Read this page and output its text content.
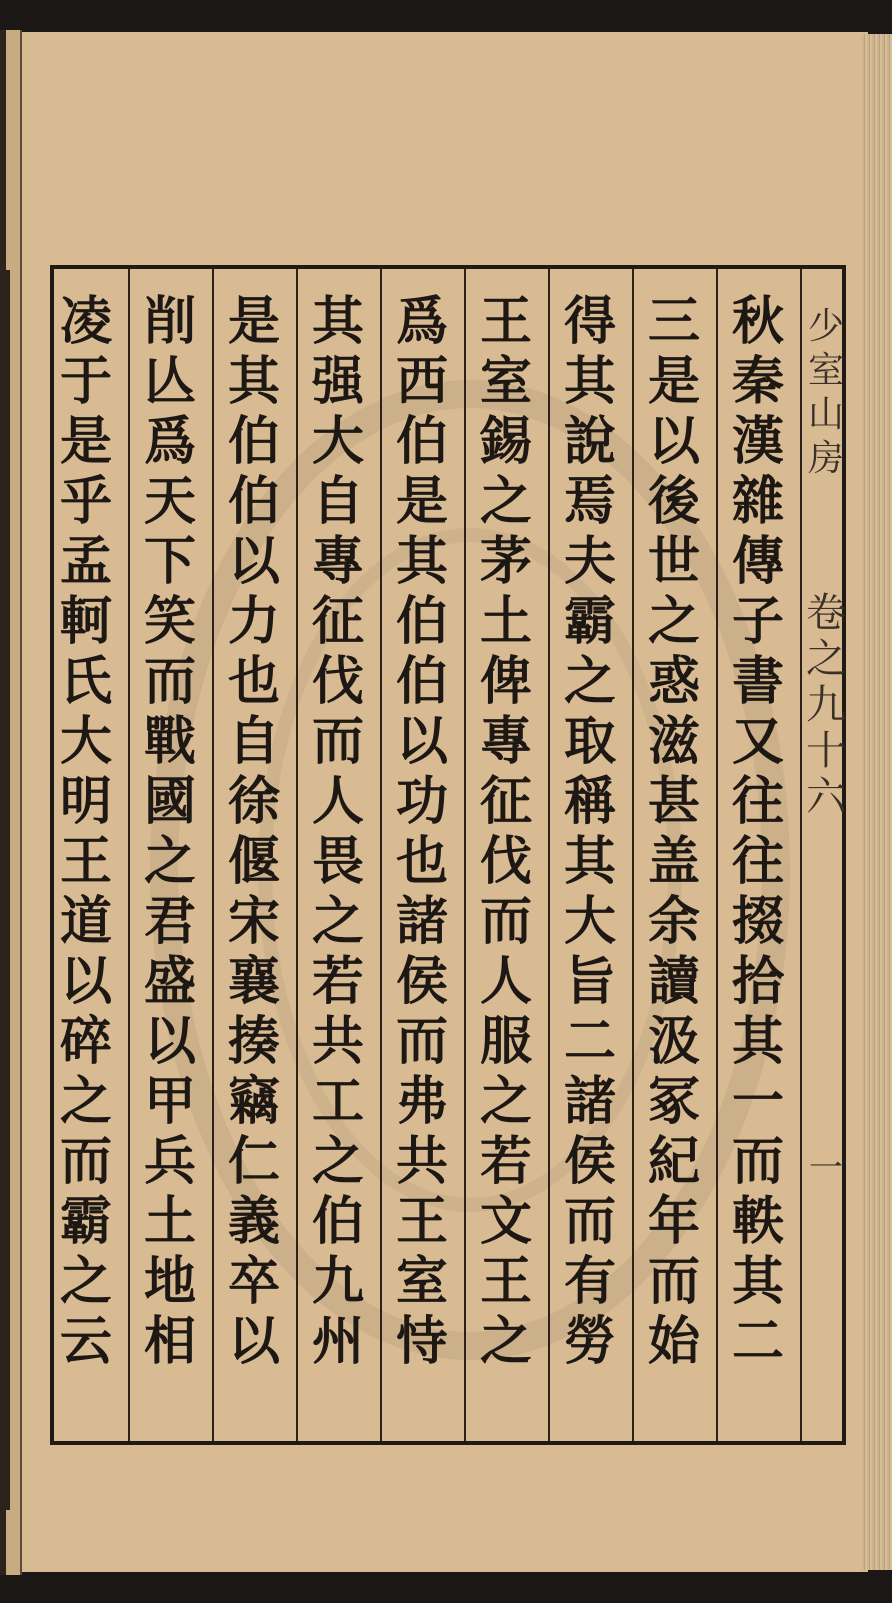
少
室
山
房
卷
之
九
十
六
一
秋
秦
漢
雜
傳
子
書
又
往
往
掇
拾
其
一
而
軼
其
二
三
是
以
後
世
之
惑
滋
甚
盖
余
讀
汲
冢
紀
年
而
始
得
其
說
焉
夫
霸
之
取
稱
其
大
旨
二
諸
侯
而
有
勞
王
室
錫
之
茅
土
俾
專
征
伐
而
人
服
之
若
文
王
之
爲
西
伯
是
其
伯
伯
以
功
也
諸
侯
而
弗
共
王
室
恃
其
强
大
自
專
征
伐
而
人
畏
之
若
共
工
之
伯
九
州
是
其
伯
伯
以
力
也
自
徐
偃
宋
襄
揍
竊
仁
義
卒
以
削
亾
爲
天
下
笑
而
戰
國
之
君
盛
以
甲
兵
土
地
相
凌
于
是
乎
孟
軻
氏
大
明
王
道
以
碎
之
而
霸
之
云
